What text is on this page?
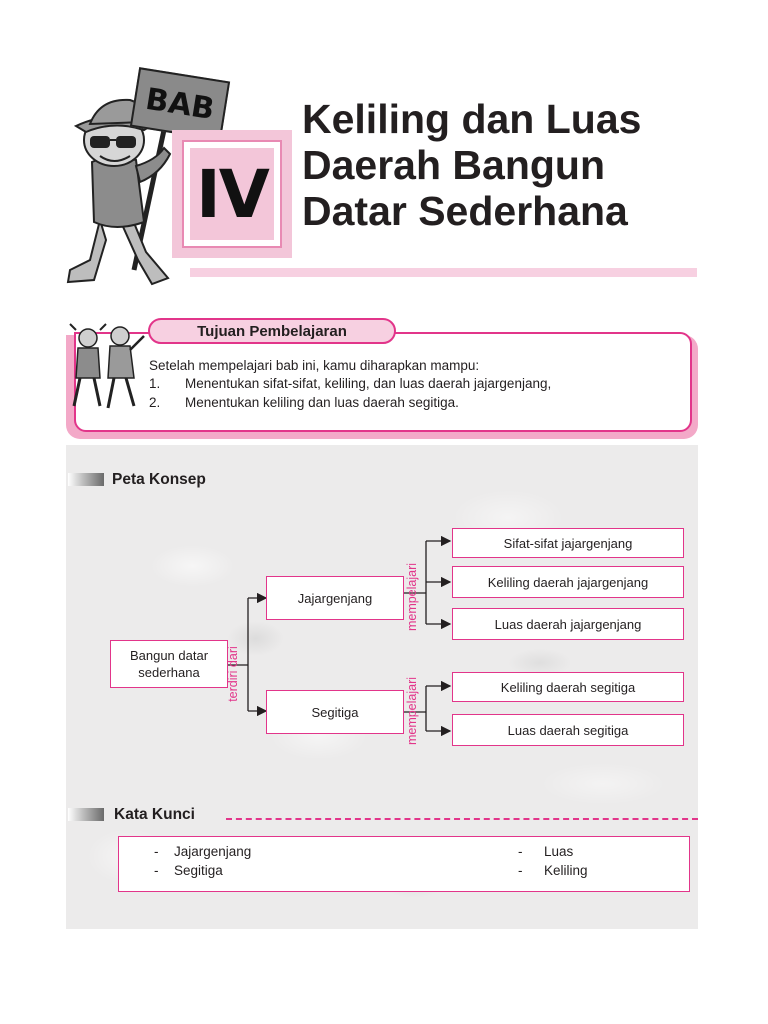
BAB
IV
Keliling dan Luas
Daerah Bangun
Datar Sederhana
Tujuan Pembelajaran
Setelah mempelajari bab ini, kamu diharapkan mampu:
1. Menentukan sifat-sifat, keliling, dan luas daerah jajargenjang,
2. Menentukan keliling dan luas daerah segitiga.
Peta Konsep
Bangun datar sederhana	terdiri dari
Jajargenjang
Segitiga
mempelajari
mempelajari
Sifat-sifat jajargenjang
Keliling daerah jajargenjang
Luas daerah jajargenjang
Keliling daerah segitiga
Luas daerah segitiga
Kata Kunci
- Jajargenjang
- Segitiga
- Luas
- Keliling
